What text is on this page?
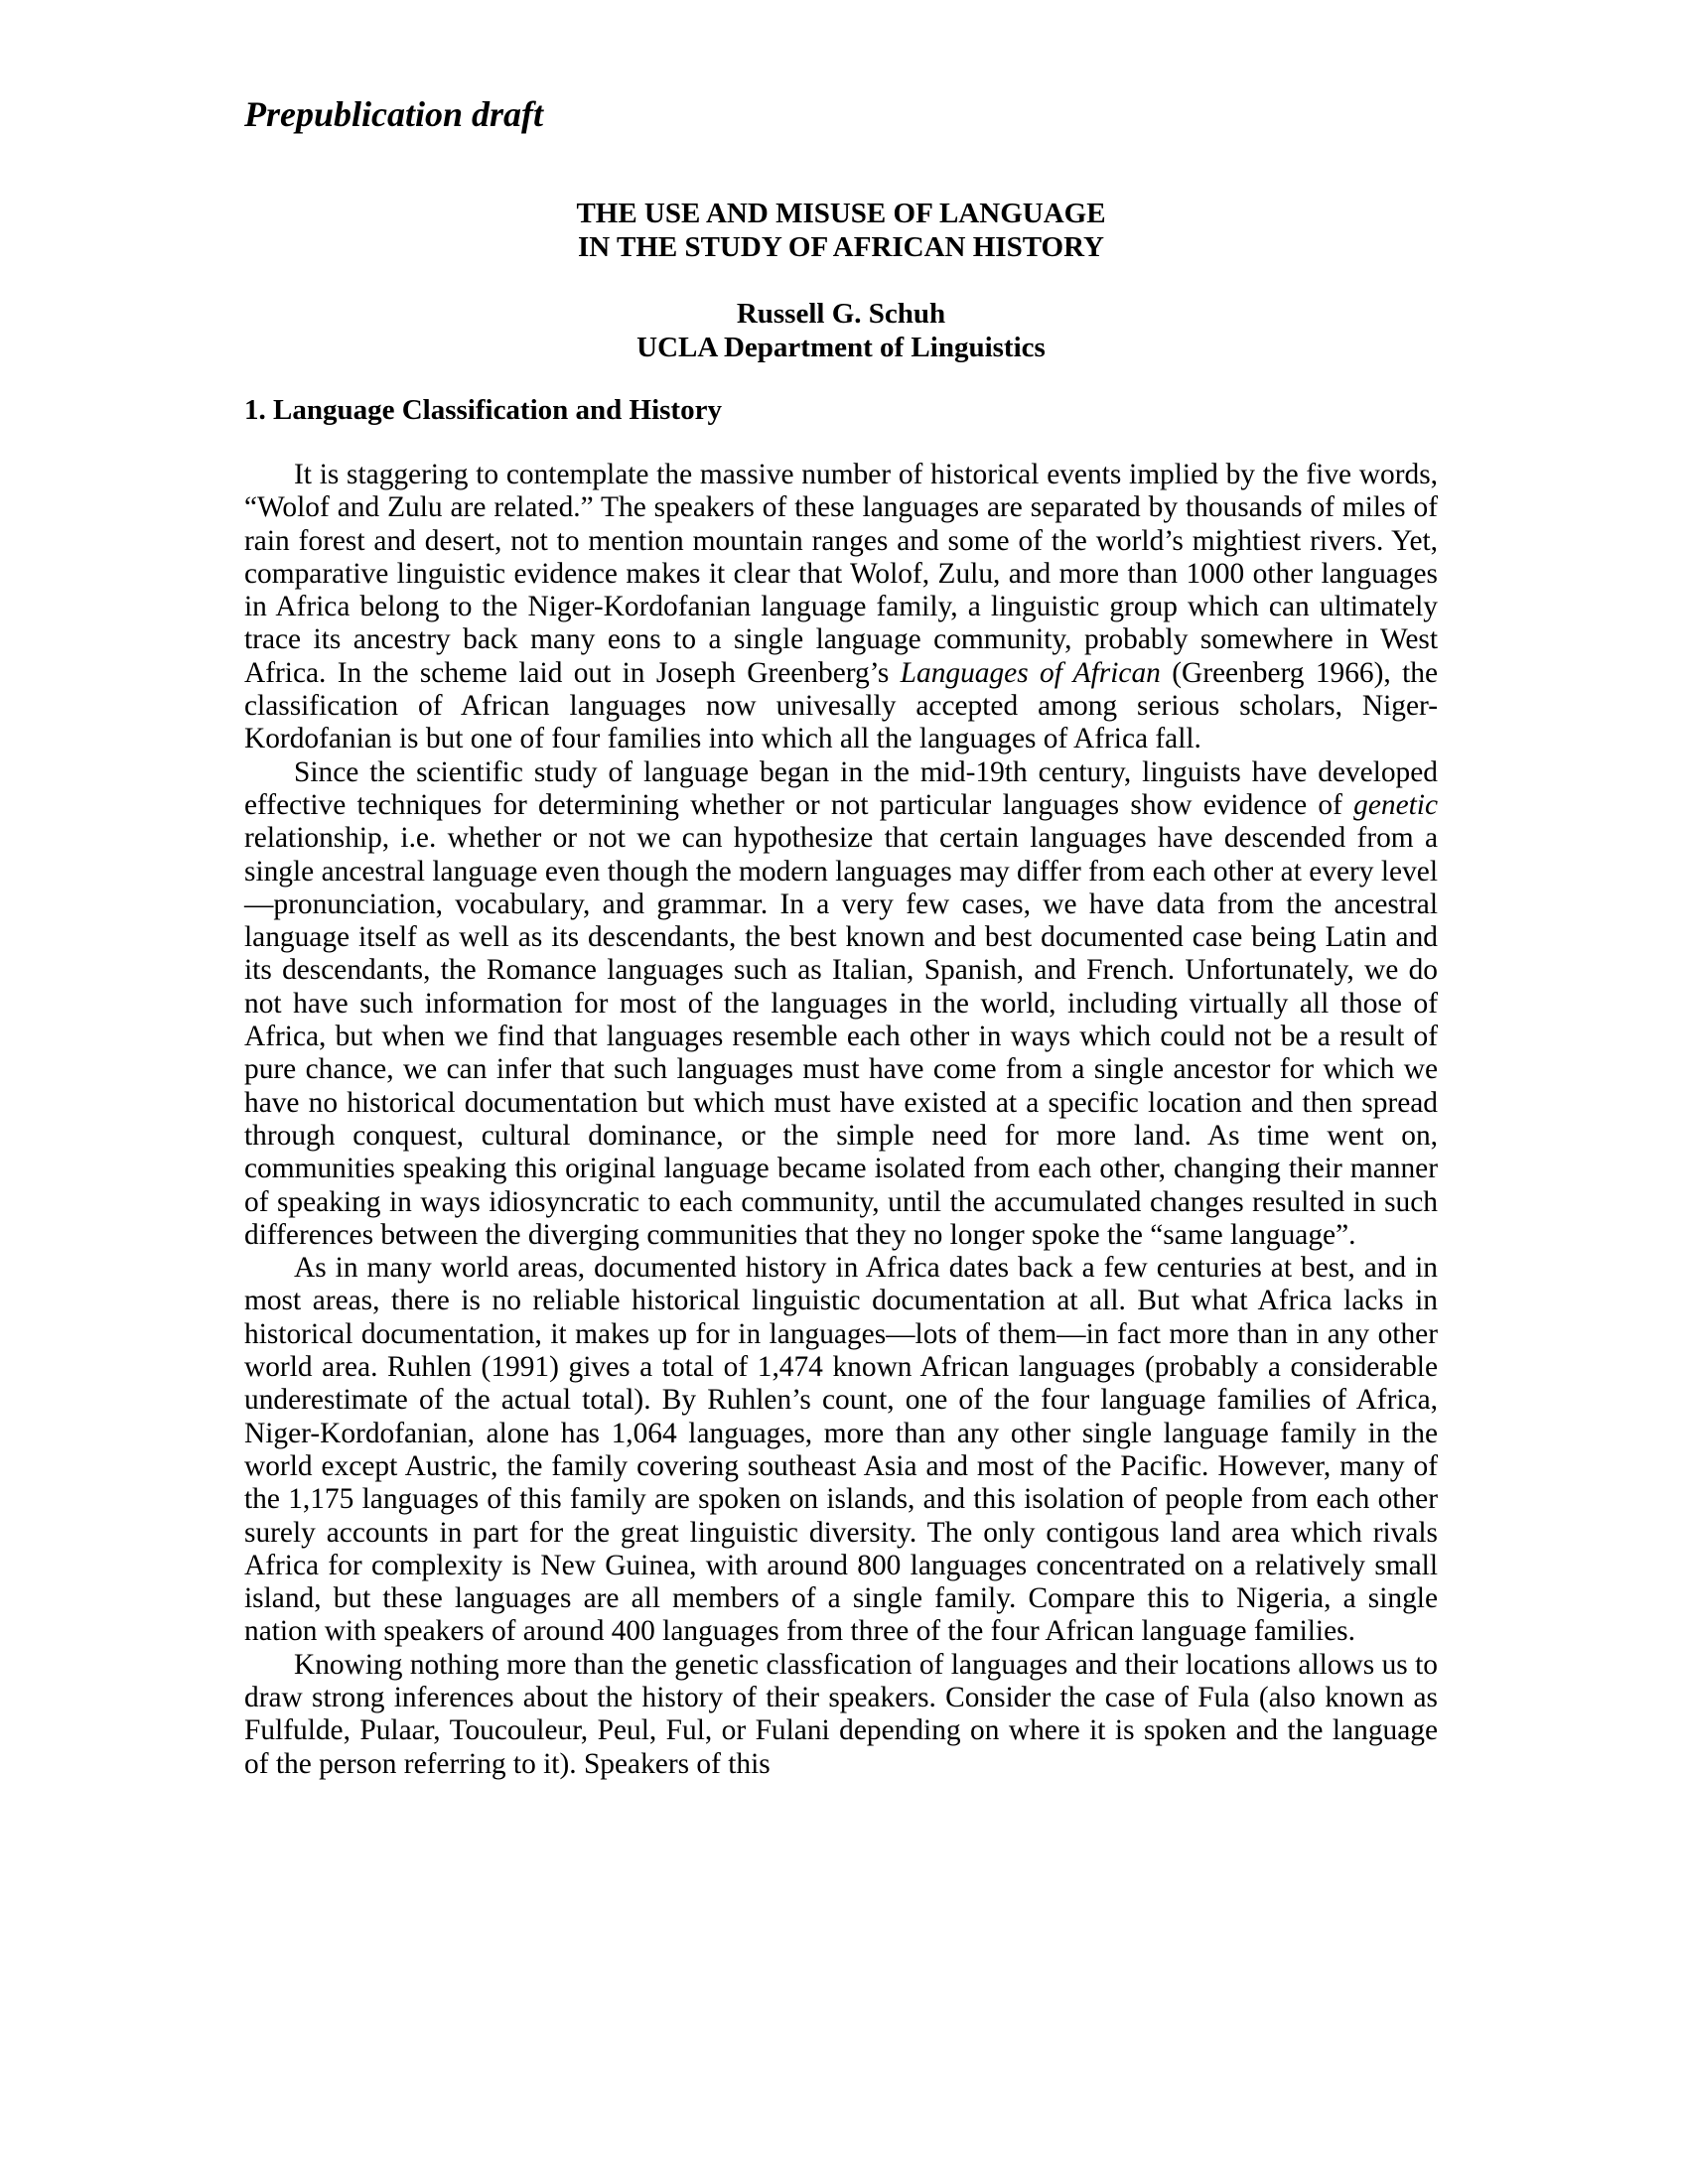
Prepublication draft

THE USE AND MISUSE OF LANGUAGE
IN THE STUDY OF AFRICAN HISTORY
Russell G. Schuh
UCLA Department of Linguistics
1. Language Classification and History

It is staggering to contemplate the massive number of historical events implied by the five words, “Wolof and Zulu are related.” The speakers of these languages are separated by thousands of miles of rain forest and desert, not to mention mountain ranges and some of the world’s mightiest rivers. Yet, comparative linguistic evidence makes it clear that Wolof, Zulu, and more than 1000 other languages in Africa belong to the Niger-Kordofanian language family, a linguistic group which can ultimately trace its ancestry back many eons to a single language community, probably somewhere in West Africa. In the scheme laid out in Joseph Greenberg’s Languages of African (Greenberg 1966), the classification of African languages now univesally accepted among serious scholars, Niger-Kordofanian is but one of four families into which all the languages of Africa fall.

Since the scientific study of language began in the mid-19th century, linguists have developed effective techniques for determining whether or not particular languages show evidence of genetic relationship, i.e. whether or not we can hypothesize that certain languages have descended from a single ancestral language even though the modern languages may differ from each other at every level—pronunciation, vocabulary, and grammar. In a very few cases, we have data from the ancestral language itself as well as its descendants, the best known and best documented case being Latin and its descendants, the Romance languages such as Italian, Spanish, and French. Unfortunately, we do not have such information for most of the languages in the world, including virtually all those of Africa, but when we find that languages resemble each other in ways which could not be a result of pure chance, we can infer that such languages must have come from a single ancestor for which we have no historical documentation but which must have existed at a specific location and then spread through conquest, cultural dominance, or the simple need for more land. As time went on, communities speaking this original language became isolated from each other, changing their manner of speaking in ways idiosyncratic to each community, until the accumulated changes resulted in such differences between the diverging communities that they no longer spoke the “same language”.

As in many world areas, documented history in Africa dates back a few centuries at best, and in most areas, there is no reliable historical linguistic documentation at all. But what Africa lacks in historical documentation, it makes up for in languages—lots of them—in fact more than in any other world area. Ruhlen (1991) gives a total of 1,474 known African languages (probably a considerable underestimate of the actual total). By Ruhlen’s count, one of the four language families of Africa, Niger-Kordofanian, alone has 1,064 languages, more than any other single language family in the world except Austric, the family covering southeast Asia and most of the Pacific. However, many of the 1,175 languages of this family are spoken on islands, and this isolation of people from each other surely accounts in part for the great linguistic diversity. The only contigous land area which rivals Africa for complexity is New Guinea, with around 800 languages concentrated on a relatively small island, but these languages are all members of a single family. Compare this to Nigeria, a single nation with speakers of around 400 languages from three of the four African language families.

Knowing nothing more than the genetic classfication of languages and their locations allows us to draw strong inferences about the history of their speakers. Consider the case of Fula (also known as Fulfulde, Pulaar, Toucouleur, Peul, Ful, or Fulani depending on where it is spoken and the language of the person referring to it). Speakers of this
